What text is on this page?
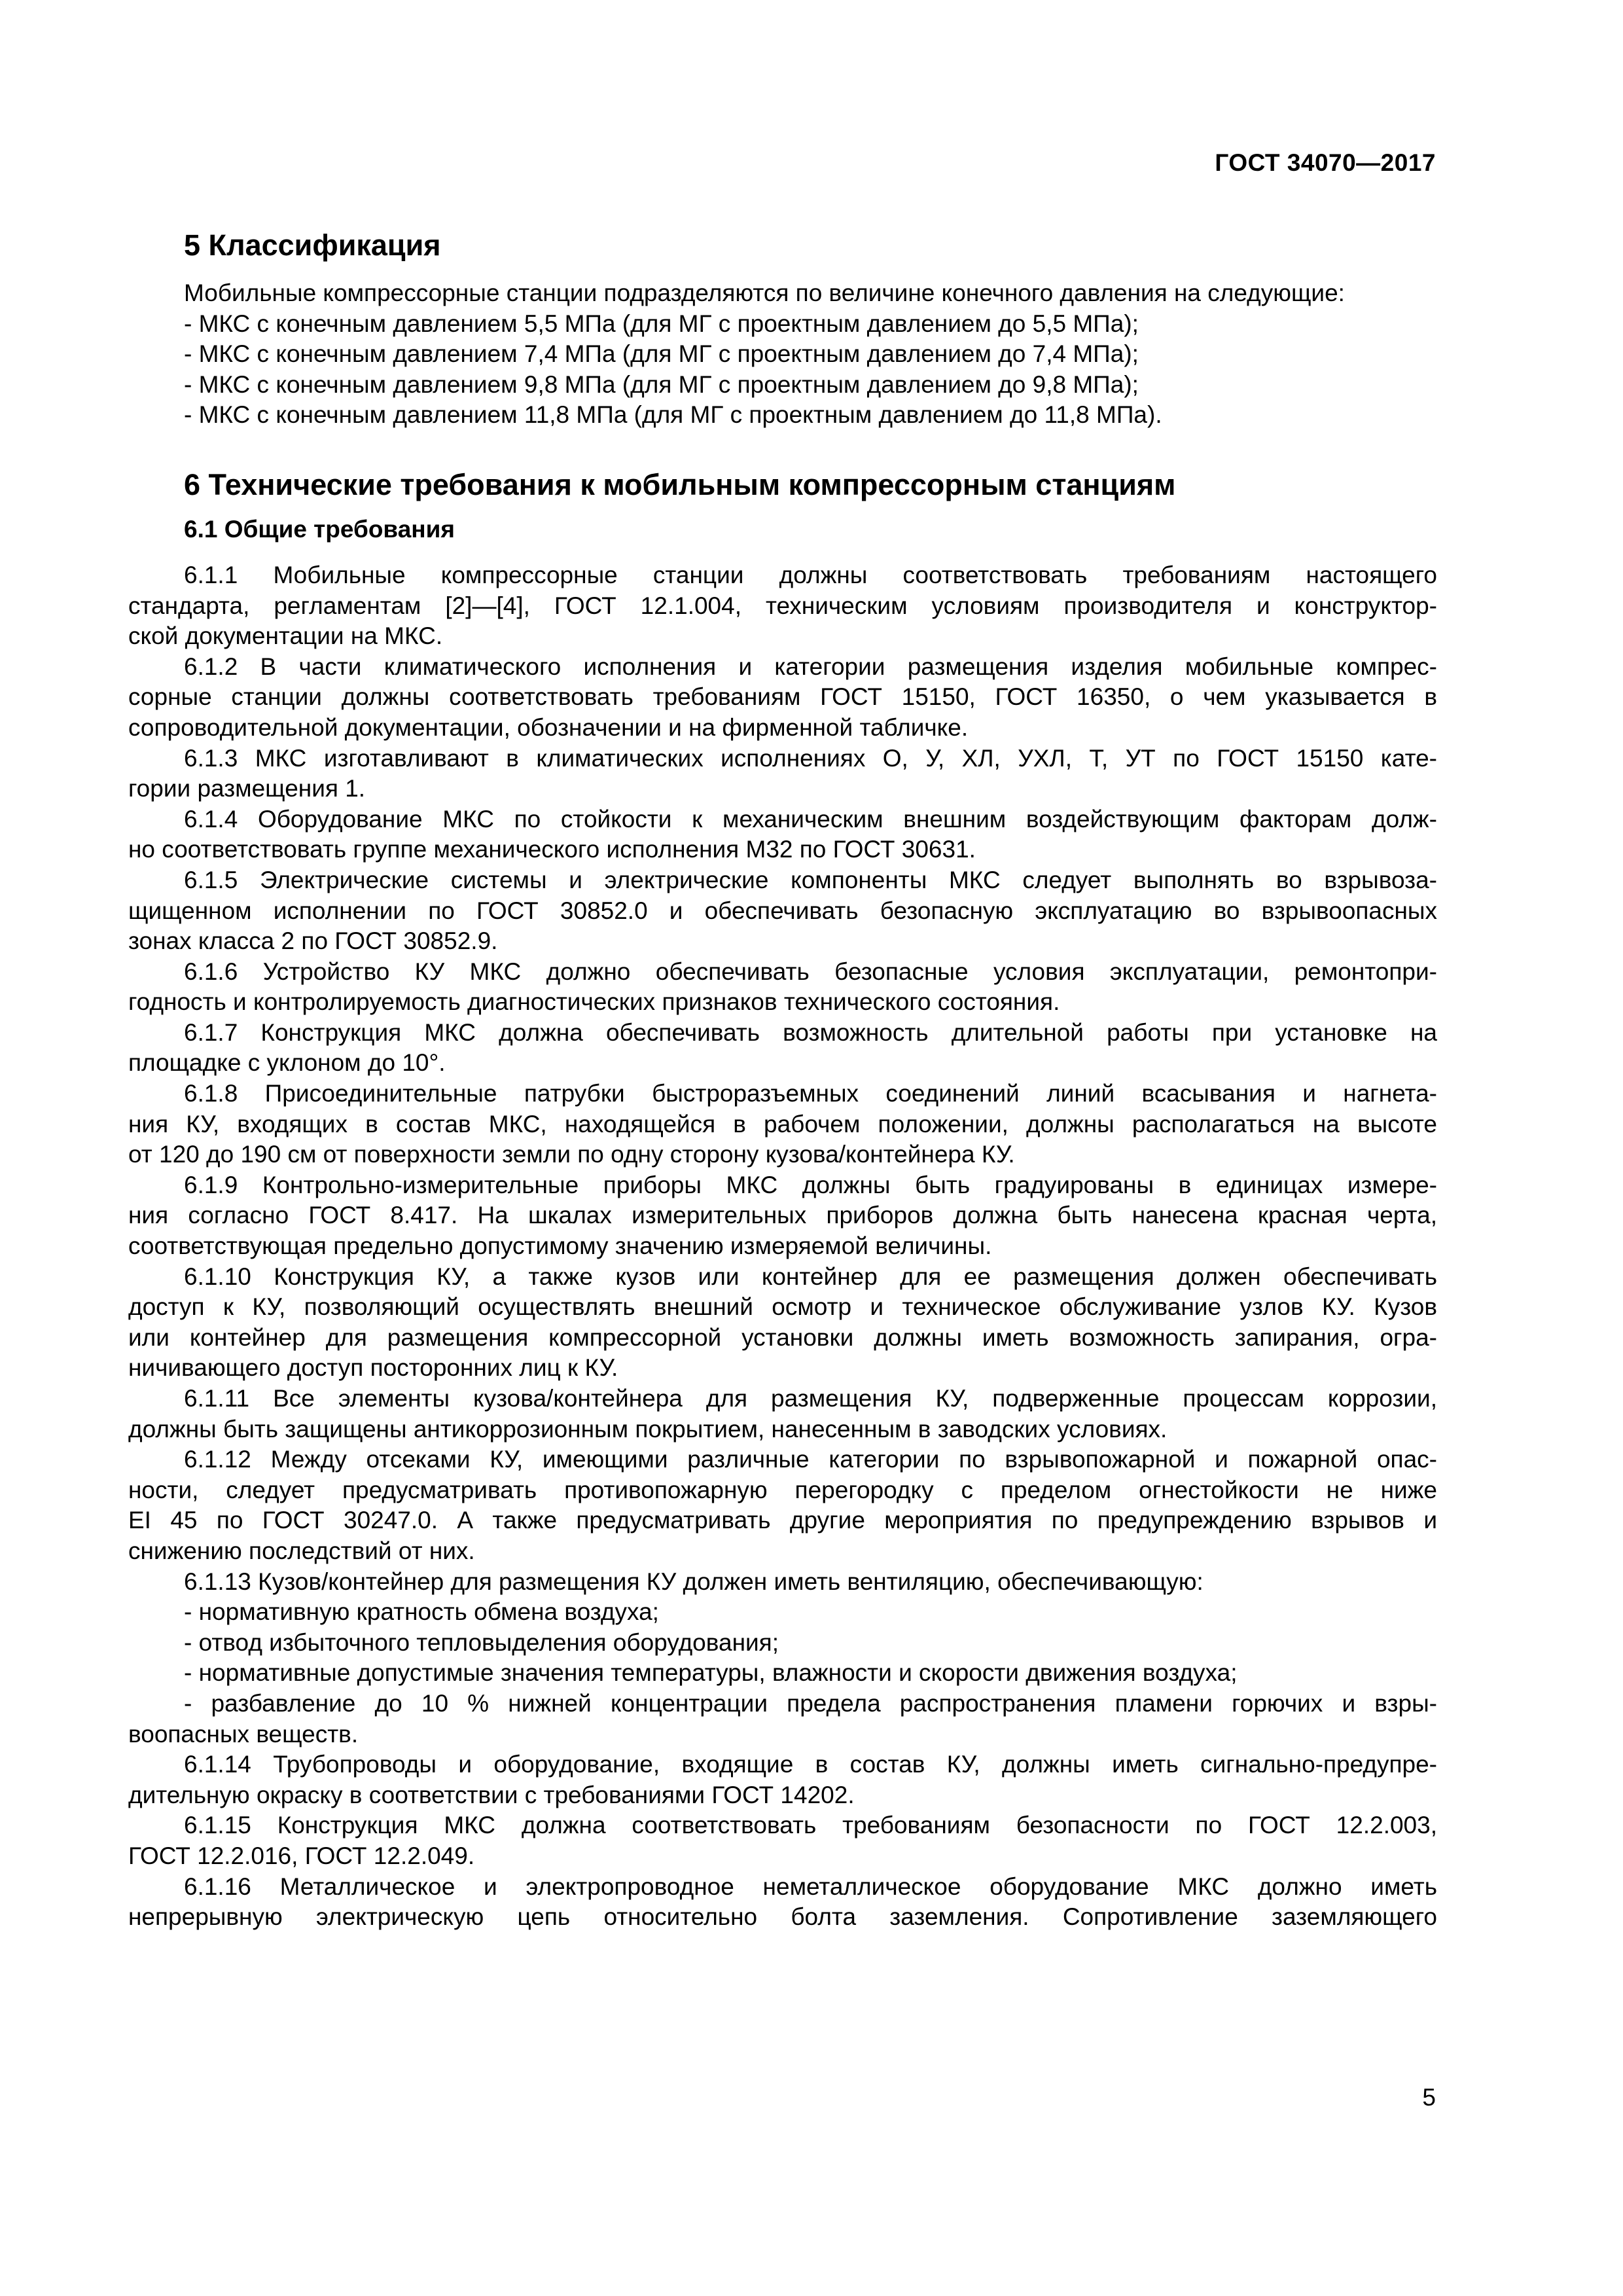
ГОСТ 34070—2017
5 Классификация
Мобильные компрессорные станции подразделяются по величине конечного давления на следующие:
- МКС с конечным давлением 5,5 МПа (для МГ с проектным давлением до 5,5 МПа);
- МКС с конечным давлением 7,4 МПа (для МГ с проектным давлением до 7,4 МПа);
- МКС с конечным давлением 9,8 МПа (для МГ с проектным давлением до 9,8 МПа);
- МКС с конечным давлением 11,8 МПа (для МГ с проектным давлением до 11,8 МПа).
6 Технические требования к мобильным компрессорным станциям
6.1 Общие требования
6.1.1 Мобильные компрессорные станции должны соответствовать требованиям настоящего
стандарта, регламентам [2]—[4], ГОСТ 12.1.004, техническим условиям производителя и конструктор-
ской документации на МКС.
6.1.2 В части климатического исполнения и категории размещения изделия мобильные компрес-
сорные станции должны соответствовать требованиям ГОСТ 15150, ГОСТ 16350, о чем указывается в
сопроводительной документации, обозначении и на фирменной табличке.
6.1.3 МКС изготавливают в климатических исполнениях О, У, ХЛ, УХЛ, Т, УТ по ГОСТ 15150 кате-
гории размещения 1.
6.1.4 Оборудование МКС по стойкости к механическим внешним воздействующим факторам долж-
но соответствовать группе механического исполнения М32 по ГОСТ 30631.
6.1.5 Электрические системы и электрические компоненты МКС следует выполнять во взрывоза-
щищенном исполнении по ГОСТ 30852.0 и обеспечивать безопасную эксплуатацию во взрывоопасных
зонах класса 2 по ГОСТ 30852.9.
6.1.6 Устройство КУ МКС должно обеспечивать безопасные условия эксплуатации, ремонтопри-
годность и контролируемость диагностических признаков технического состояния.
6.1.7 Конструкция МКС должна обеспечивать возможность длительной работы при установке на
площадке с уклоном до 10°.
6.1.8 Присоединительные патрубки быстроразъемных соединений линий всасывания и нагнета-
ния КУ, входящих в состав МКС, находящейся в рабочем положении, должны располагаться на высоте
от 120 до 190 см от поверхности земли по одну сторону кузова/контейнера КУ.
6.1.9 Контрольно-измерительные приборы МКС должны быть градуированы в единицах измере-
ния согласно ГОСТ 8.417. На шкалах измерительных приборов должна быть нанесена красная черта,
соответствующая предельно допустимому значению измеряемой величины.
6.1.10 Конструкция КУ, а также кузов или контейнер для ее размещения должен обеспечивать
доступ к КУ, позволяющий осуществлять внешний осмотр и техническое обслуживание узлов КУ. Кузов
или контейнер для размещения компрессорной установки должны иметь возможность запирания, огра-
ничивающего доступ посторонних лиц к КУ.
6.1.11 Все элементы кузова/контейнера для размещения КУ, подверженные процессам коррозии,
должны быть защищены антикоррозионным покрытием, нанесенным в заводских условиях.
6.1.12 Между отсеками КУ, имеющими различные категории по взрывопожарной и пожарной опас-
ности, следует предусматривать противопожарную перегородку с пределом огнестойкости не ниже
EI 45 по ГОСТ 30247.0. А также предусматривать другие мероприятия по предупреждению взрывов и
снижению последствий от них.
6.1.13 Кузов/контейнер для размещения КУ должен иметь вентиляцию, обеспечивающую:
- нормативную кратность обмена воздуха;
- отвод избыточного тепловыделения оборудования;
- нормативные допустимые значения температуры, влажности и скорости движения воздуха;
- разбавление до 10 % нижней концентрации предела распространения пламени горючих и взры-
воопасных веществ.
6.1.14 Трубопроводы и оборудование, входящие в состав КУ, должны иметь сигнально-предупре-
дительную окраску в соответствии с требованиями ГОСТ 14202.
6.1.15 Конструкция МКС должна соответствовать требованиям безопасности по ГОСТ 12.2.003,
ГОСТ 12.2.016, ГОСТ 12.2.049.
6.1.16 Металлическое и электропроводное неметаллическое оборудование МКС должно иметь
непрерывную электрическую цепь относительно болта заземления. Сопротивление заземляющего
5
